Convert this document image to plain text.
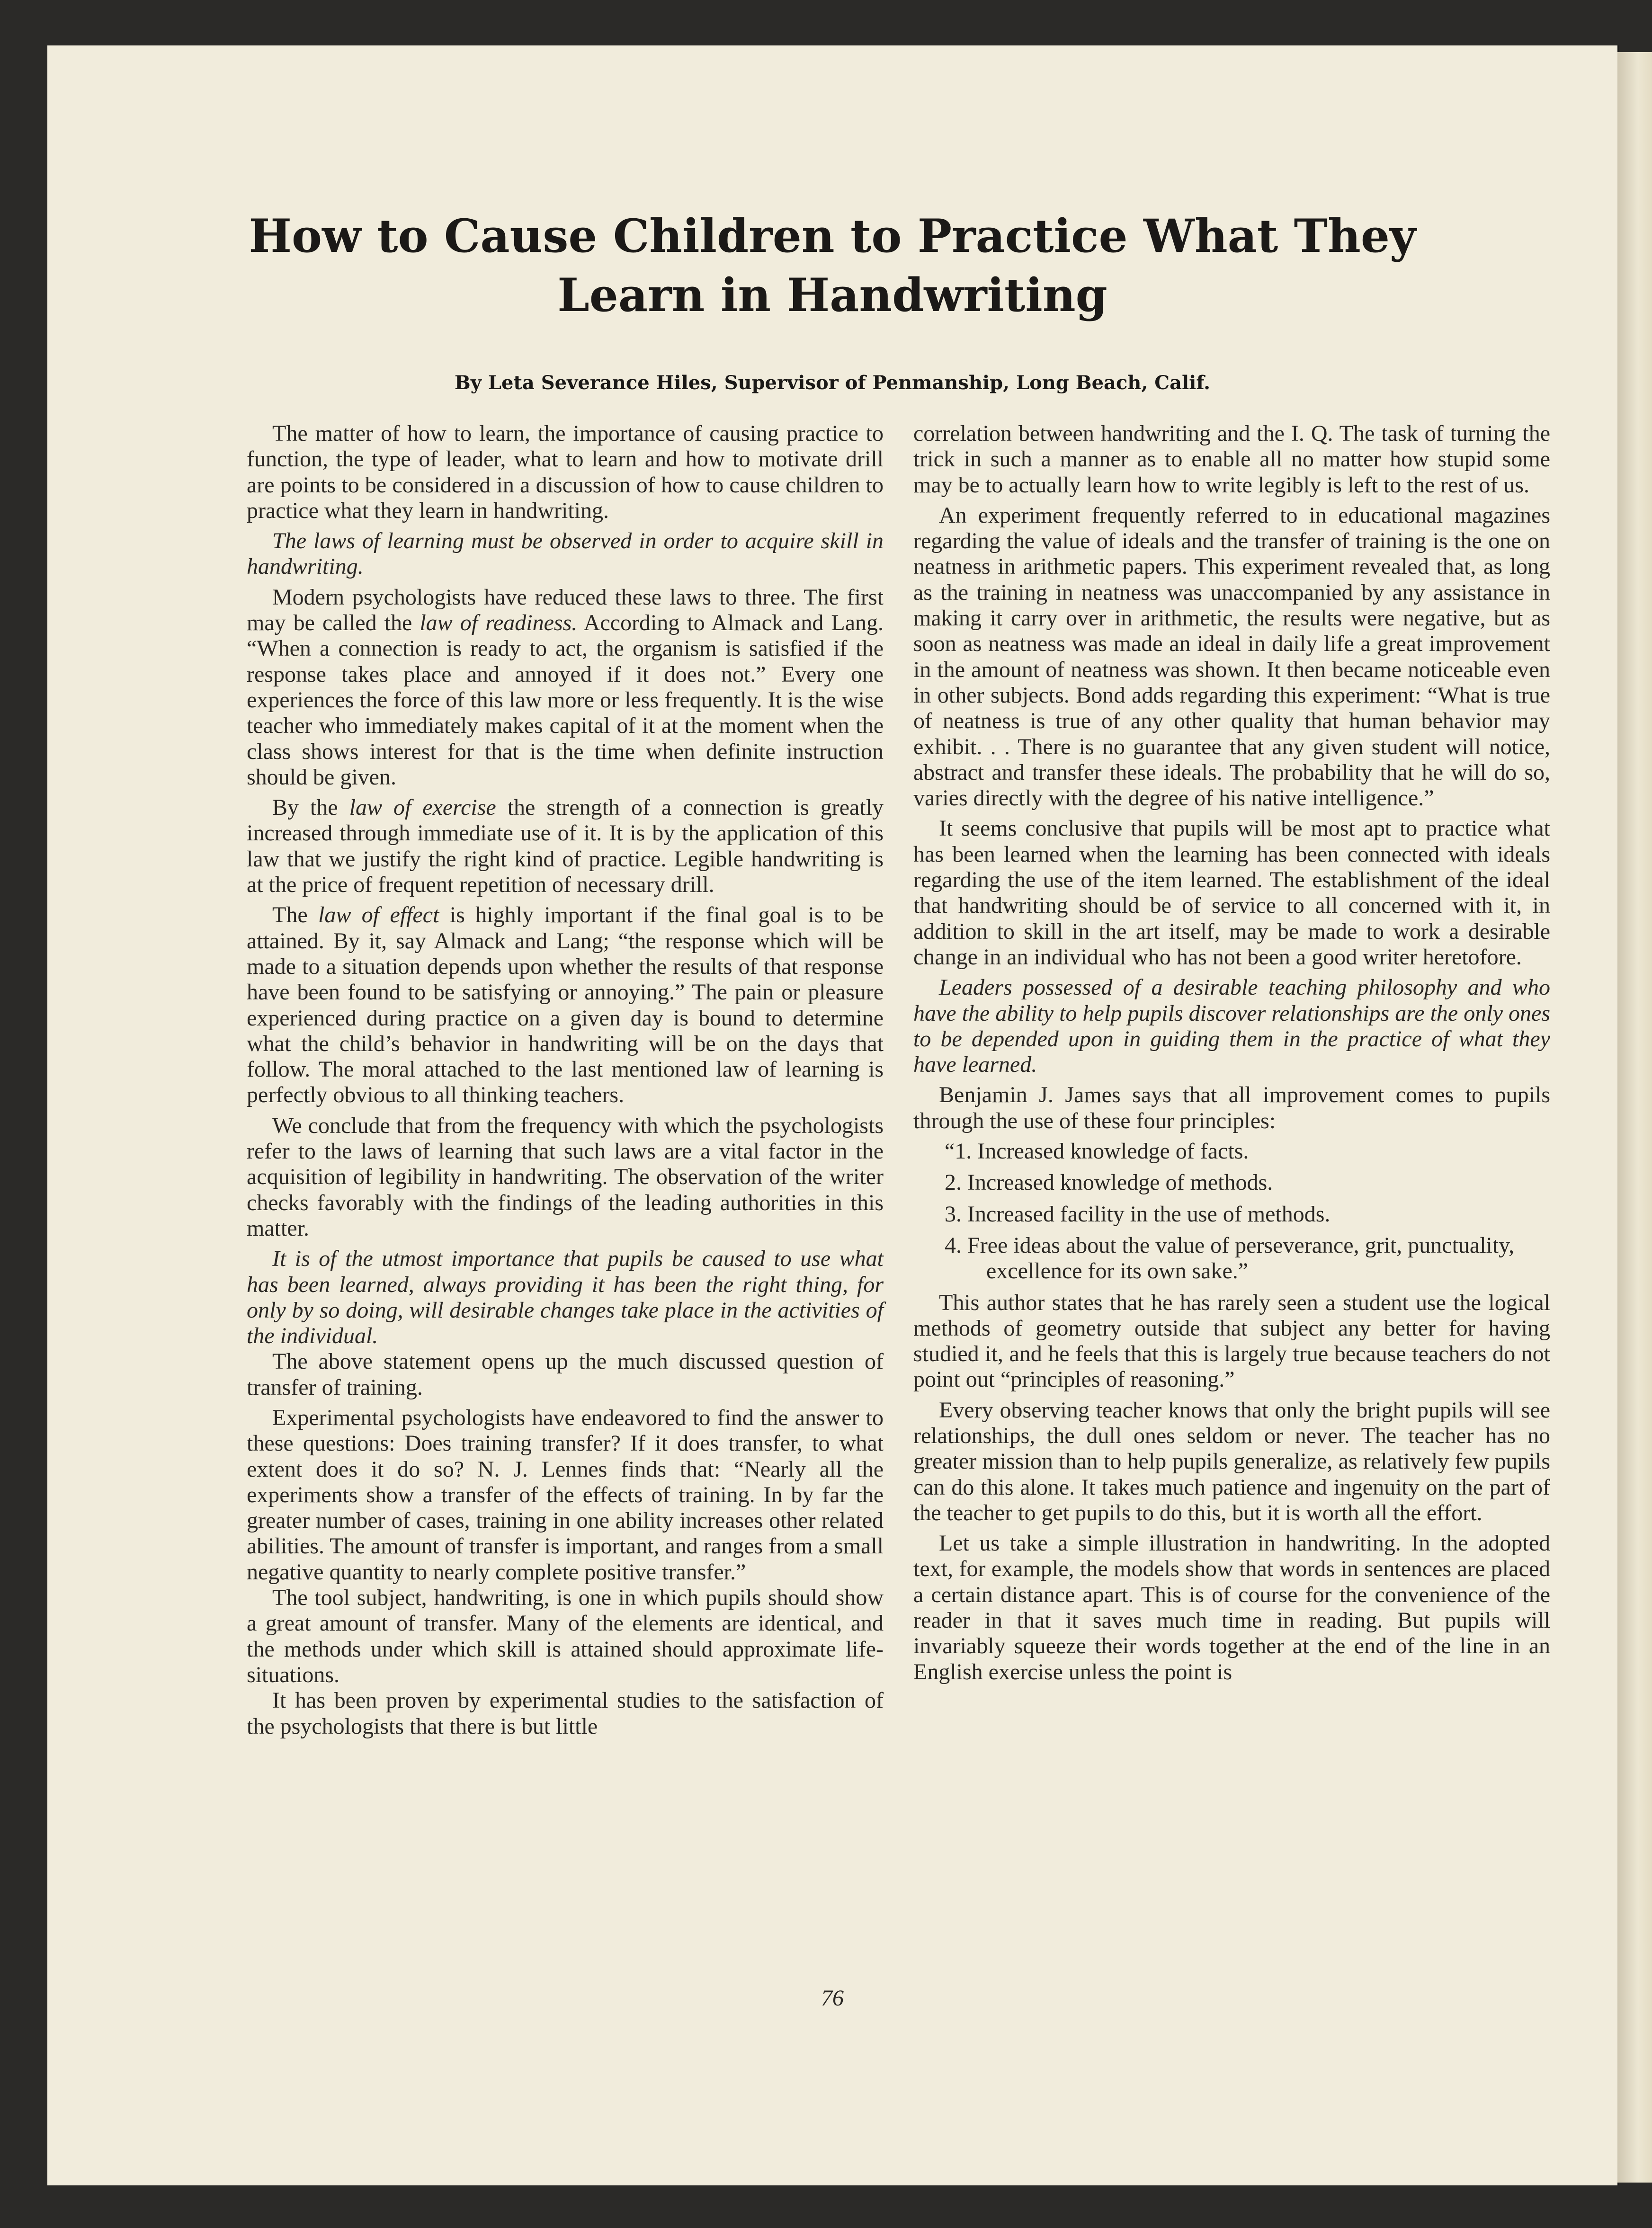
How to Cause Children to Practice What They
Learn in Handwriting

By Leta Severance Hiles, Supervisor of Penmanship, Long Beach, Calif.

The matter of how to learn, the importance of causing practice to function, the type of leader, what to learn and how to motivate drill are points to be considered in a discussion of how to cause children to practice what they learn in handwriting.

The laws of learning must be observed in order to acquire skill in handwriting.

Modern psychologists have reduced these laws to three. The first may be called the law of readiness. According to Almack and Lang. “When a connection is ready to act, the organism is satisfied if the response takes place and annoyed if it does not.” Every one experiences the force of this law more or less frequently. It is the wise teacher who immediately makes capital of it at the moment when the class shows interest for that is the time when definite instruction should be given.

By the law of exercise the strength of a connection is greatly increased through immediate use of it. It is by the application of this law that we justify the right kind of practice. Legible handwriting is at the price of frequent repetition of necessary drill.

The law of effect is highly important if the final goal is to be attained. By it, say Almack and Lang; “the response which will be made to a situation depends upon whether the results of that response have been found to be satisfying or annoying.” The pain or pleasure experienced during practice on a given day is bound to determine what the child’s behavior in handwriting will be on the days that follow. The moral attached to the last mentioned law of learning is perfectly obvious to all thinking teachers.

We conclude that from the frequency with which the psychologists refer to the laws of learning that such laws are a vital factor in the acquisition of legibility in handwriting. The observation of the writer checks favorably with the findings of the leading authorities in this matter.

It is of the utmost importance that pupils be caused to use what has been learned, always providing it has been the right thing, for only by so doing, will desirable changes take place in the activities of the individual.

The above statement opens up the much discussed question of transfer of training.

Experimental psychologists have endeavored to find the answer to these questions: Does training transfer? If it does transfer, to what extent does it do so? N. J. Lennes finds that: “Nearly all the experiments show a transfer of the effects of training. In by far the greater number of cases, training in one ability increases other related abilities. The amount of transfer is important, and ranges from a small negative quantity to nearly complete positive transfer.”

The tool subject, handwriting, is one in which pupils should show a great amount of transfer. Many of the elements are identical, and the methods under which skill is attained should approximate life-situations.

It has been proven by experimental studies to the satisfaction of the psychologists that there is but little

correlation between handwriting and the I. Q. The task of turning the trick in such a manner as to enable all no matter how stupid some may be to actually learn how to write legibly is left to the rest of us.

An experiment frequently referred to in educational magazines regarding the value of ideals and the transfer of training is the one on neatness in arithmetic papers. This experiment revealed that, as long as the training in neatness was unaccompanied by any assistance in making it carry over in arithmetic, the results were negative, but as soon as neatness was made an ideal in daily life a great improvement in the amount of neatness was shown. It then became noticeable even in other subjects. Bond adds regarding this experiment: “What is true of neatness is true of any other quality that human behavior may exhibit. . . There is no guarantee that any given student will notice, abstract and transfer these ideals. The probability that he will do so, varies directly with the degree of his native intelligence.”

It seems conclusive that pupils will be most apt to practice what has been learned when the learning has been connected with ideals regarding the use of the item learned. The establishment of the ideal that handwriting should be of service to all concerned with it, in addition to skill in the art itself, may be made to work a desirable change in an individual who has not been a good writer heretofore.

Leaders possessed of a desirable teaching philosophy and who have the ability to help pupils discover relationships are the only ones to be depended upon in guiding them in the practice of what they have learned.

Benjamin J. James says that all improvement comes to pupils through the use of these four principles:

“1. Increased knowledge of facts.
2. Increased knowledge of methods.
3. Increased facility in the use of methods.
4. Free ideas about the value of perseverance, grit, punctuality, excellence for its own sake.”

This author states that he has rarely seen a student use the logical methods of geometry outside that subject any better for having studied it, and he feels that this is largely true because teachers do not point out “principles of reasoning.”

Every observing teacher knows that only the bright pupils will see relationships, the dull ones seldom or never. The teacher has no greater mission than to help pupils generalize, as relatively few pupils can do this alone. It takes much patience and ingenuity on the part of the teacher to get pupils to do this, but it is worth all the effort.

Let us take a simple illustration in handwriting. In the adopted text, for example, the models show that words in sentences are placed a certain distance apart. This is of course for the convenience of the reader in that it saves much time in reading. But pupils will invariably squeeze their words together at the end of the line in an English exercise unless the point is

76
